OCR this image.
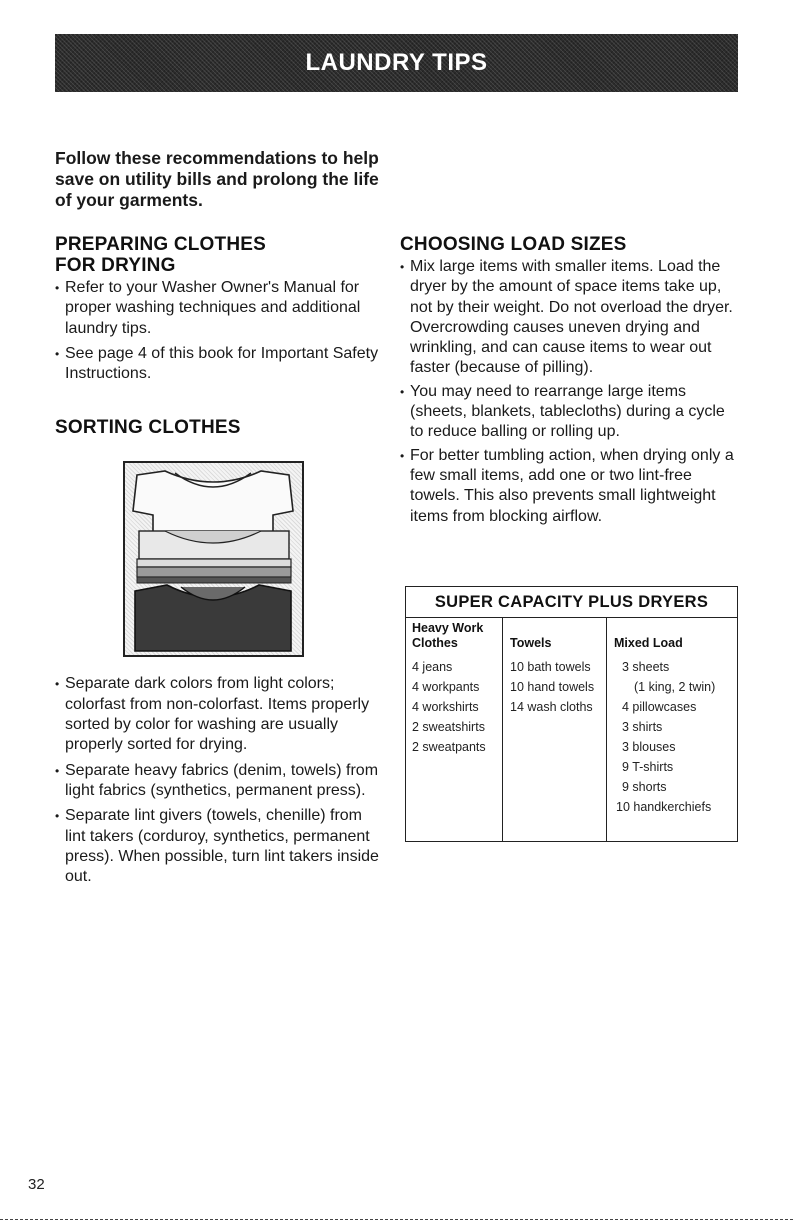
LAUNDRY TIPS
Follow these recommendations to help save on utility bills and prolong the life of your garments.
PREPARING CLOTHES
FOR DRYING
• Refer to your Washer Owner's Manual for proper washing techniques and additional laundry tips.
• See page 4 of this book for Important Safety Instructions.
SORTING CLOTHES
• Separate dark colors from light colors; colorfast from non-colorfast. Items properly sorted by color for washing are usually properly sorted for drying.
• Separate heavy fabrics (denim, towels) from light fabrics (synthetics, permanent press).
• Separate lint givers (towels, chenille) from lint takers (corduroy, synthetics, permanent press). When possible, turn lint takers inside out.
CHOOSING LOAD SIZES
• Mix large items with smaller items. Load the dryer by the amount of space items take up, not by their weight. Do not overload the dryer. Overcrowding causes uneven drying and wrinkling, and can cause items to wear out faster (because of pilling).
• You may need to rearrange large items (sheets, blankets, tablecloths) during a cycle to reduce balling or rolling up.
• For better tumbling action, when drying only a few small items, add one or two lint-free towels. This also prevents small lightweight items from blocking airflow.
SUPER CAPACITY PLUS DRYERS
Heavy Work
Clothes
4 jeans
4 workpants
4 workshirts
2 sweatshirts
2 sweatpants

Towels
10 bath towels
10 hand towels
14 wash cloths

Mixed Load
3 sheets
(1 king, 2 twin)
4 pillowcases
3 shirts
3 blouses
9 T-shirts
9 shorts
10 handkerchiefs
32
